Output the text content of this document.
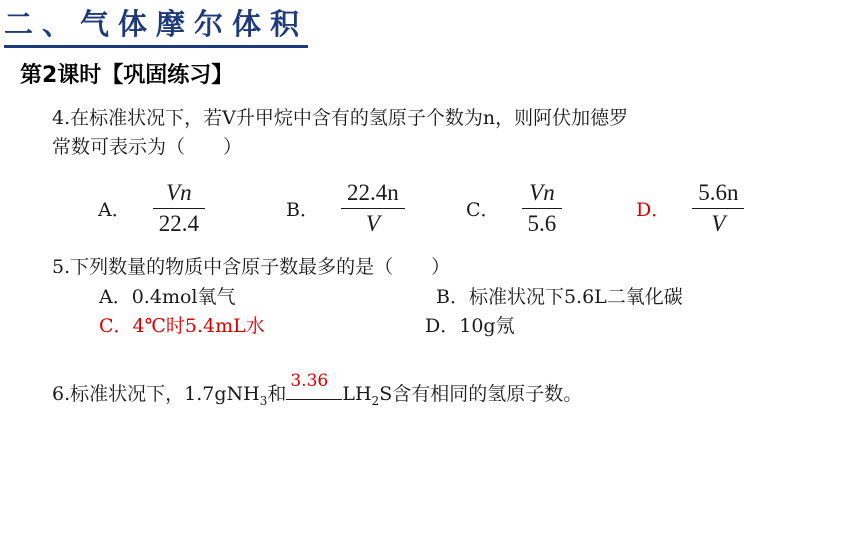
二、气体摩尔体积
第2课时【巩固练习】
4.在标准状况下，若V升甲烷中含有的氢原子个数为n，则阿伏加德罗
常数可表示为（　　）
A． $\frac{Vn}{22.4}$	B． $\frac{22.4n}{V}$	C． $\frac{Vn}{5.6}$	D． $\frac{5.6n}{V}$
5.下列数量的物质中含原子数最多的是（　　）
A．0.4mol氧气	B．标准状况下5.6L二氧化碳
C．4℃时5.4mL水	D．10g氖
6.标准状况下，1.7gNH$_3$和
3.36
$LH_2S$含有相同的氢原子数。
